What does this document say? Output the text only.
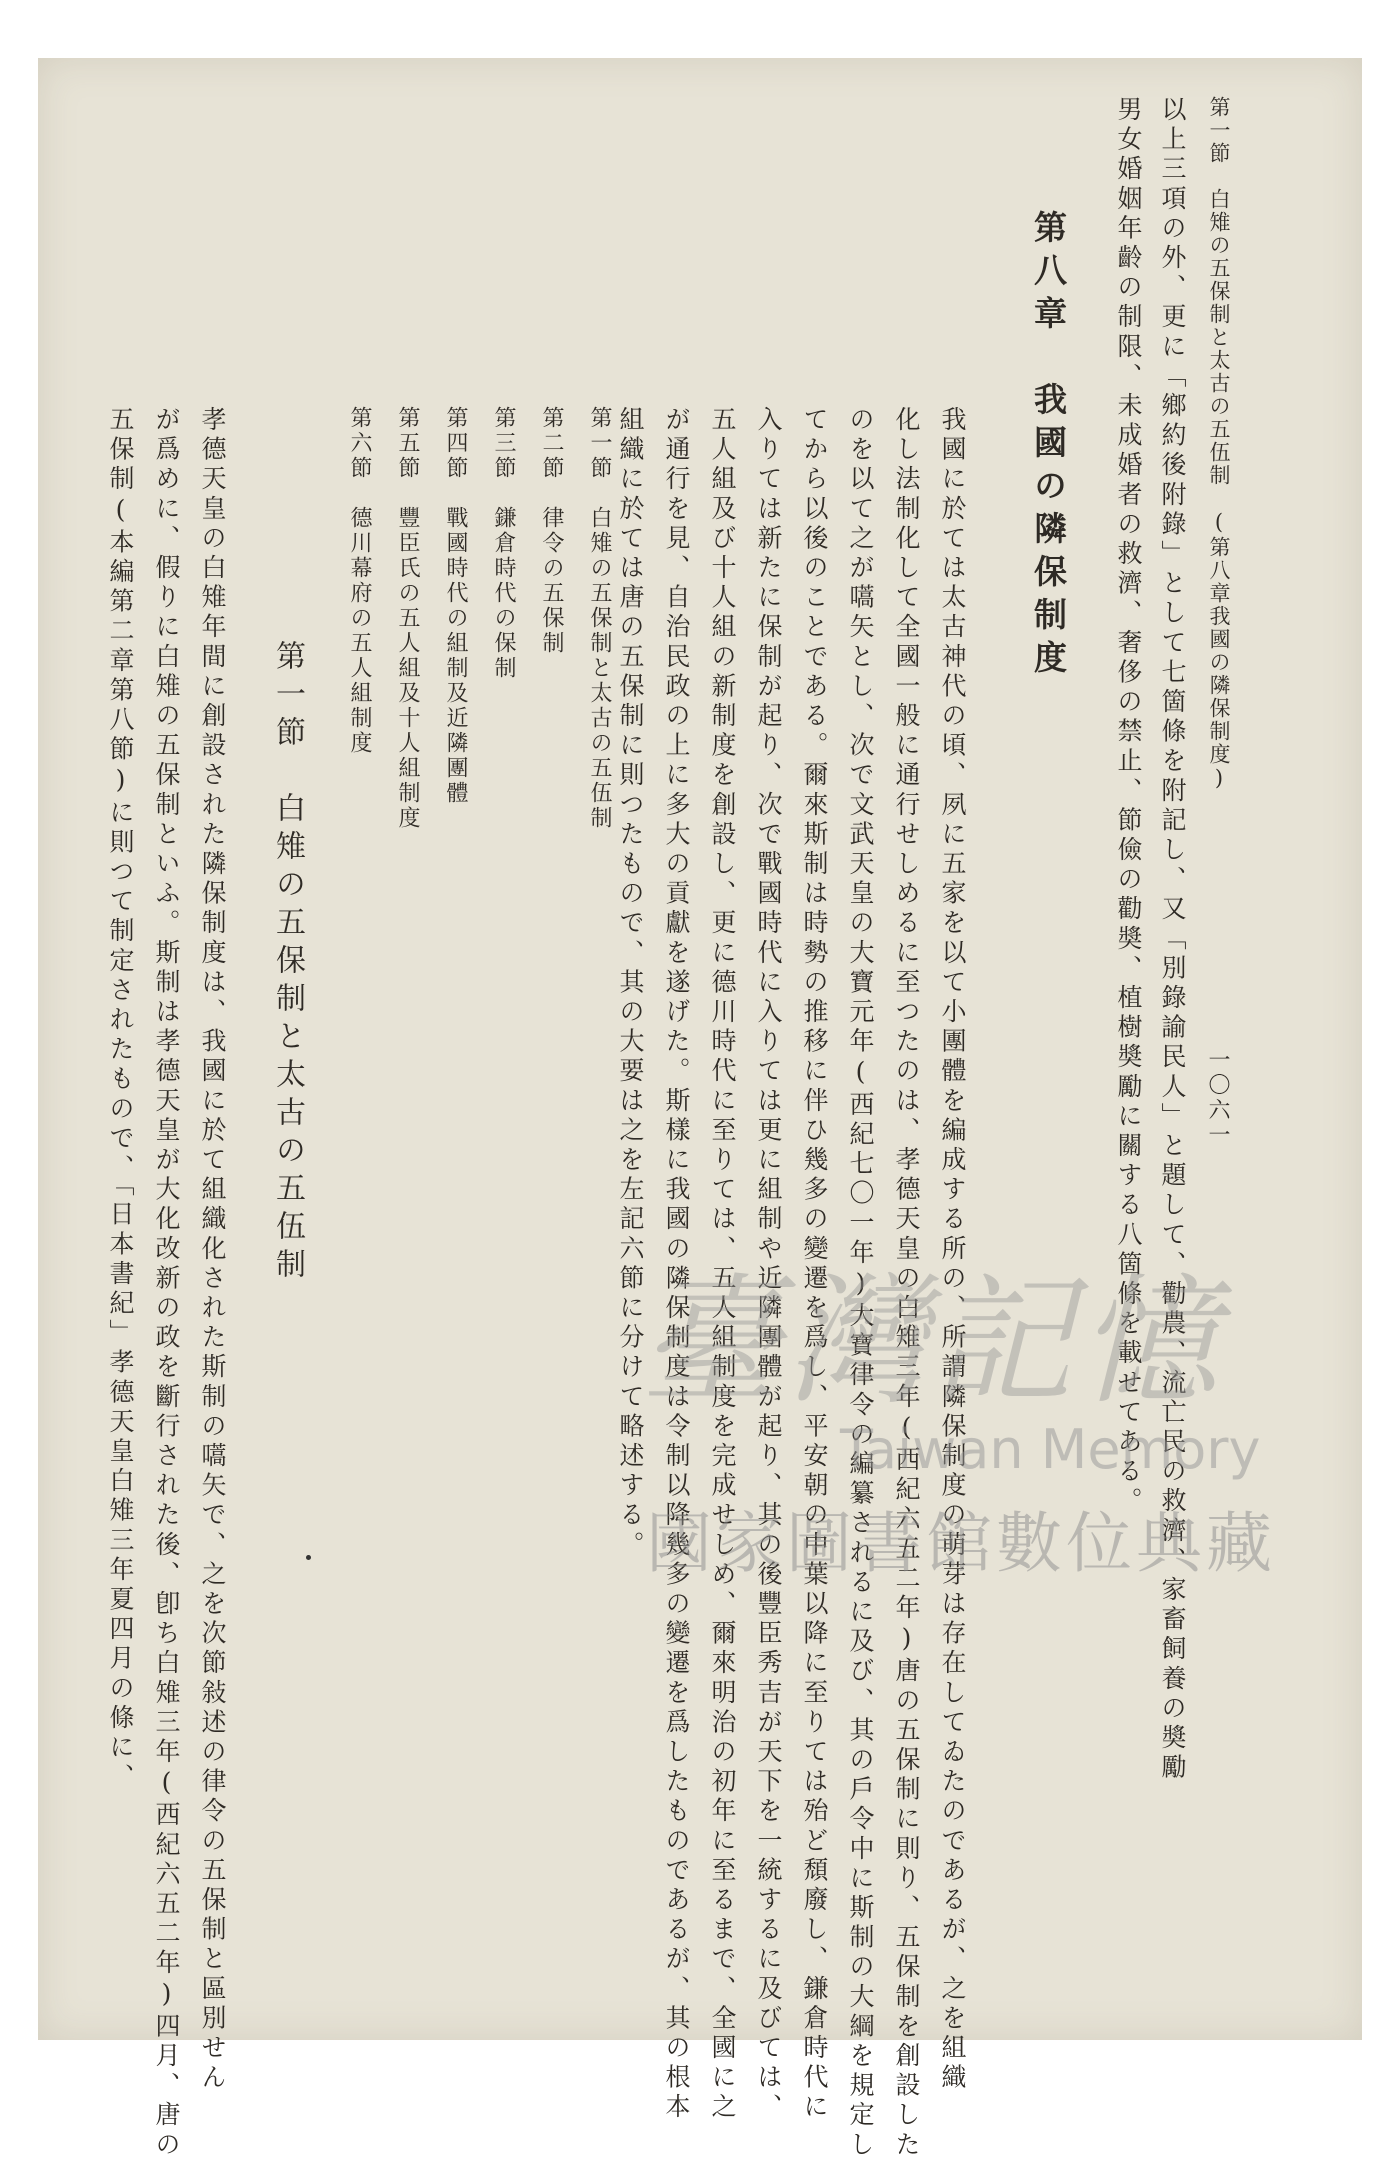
一〇六一
第一節　白雉の五保制と太古の五伍制　(第八章我國の隣保制度)
以上三項の外、更に「鄉約後附錄」として七箇條を附記し、又「別錄諭民人」と題して、勸農、流亡民の救濟、家畜飼養の奬勵
男女婚姻年齡の制限、未成婚者の救濟、奢侈の禁止、節儉の勸奬、植樹奬勵に關する八箇條を載せてある。
第八章　我國の隣保制度
我國に於ては太古神代の頃、夙に五家を以て小團體を編成する所の、所謂隣保制度の萌芽は存在してゐたのであるが、之を組織
化し法制化して全國一般に通行せしめるに至つたのは、孝德天皇の白雉三年(西紀六五二年)唐の五保制に則り、五保制を創設した
のを以て之が嚆矢とし、次で文武天皇の大寶元年(西紀七〇一年)大寶律令の編纂されるに及び、其の戶令中に斯制の大綱を規定し
てから以後のことである。爾來斯制は時勢の推移に伴ひ幾多の變遷を爲し、平安朝の中葉以降に至りては殆ど頹廢し、鎌倉時代に
入りては新たに保制が起り、次で戰國時代に入りては更に組制や近隣團體が起り、其の後豐臣秀吉が天下を一統するに及びては、
五人組及び十人組の新制度を創設し、更に德川時代に至りては、五人組制度を完成せしめ、爾來明治の初年に至るまで、全國に之
が通行を見、自治民政の上に多大の貢獻を遂げた。斯樣に我國の隣保制度は令制以降幾多の變遷を爲したものであるが、其の根本
組織に於ては唐の五保制に則つたもので、其の大要は之を左記六節に分けて略述する。
第一節　白雉の五保制と太古の五伍制
第二節　律令の五保制
第三節　鎌倉時代の保制
第四節　戰國時代の組制及近隣團體
第五節　豐臣氏の五人組及十人組制度
第六節　德川幕府の五人組制度
第一節　白雉の五保制と太古の五伍制
孝德天皇の白雉年間に創設された隣保制度は、我國に於て組織化された斯制の嚆矢で、之を次節敍述の律令の五保制と區別せん
が爲めに、假りに白雉の五保制といふ。斯制は孝德天皇が大化改新の政を斷行された後、卽ち白雉三年(西紀六五二年)四月、唐の
五保制(本編第二章第八節)に則つて制定されたもので、「日本書紀」孝德天皇白雉三年夏四月の條に、	臺灣記憶
Taiwan Memory
國家圖書館數位典藏
